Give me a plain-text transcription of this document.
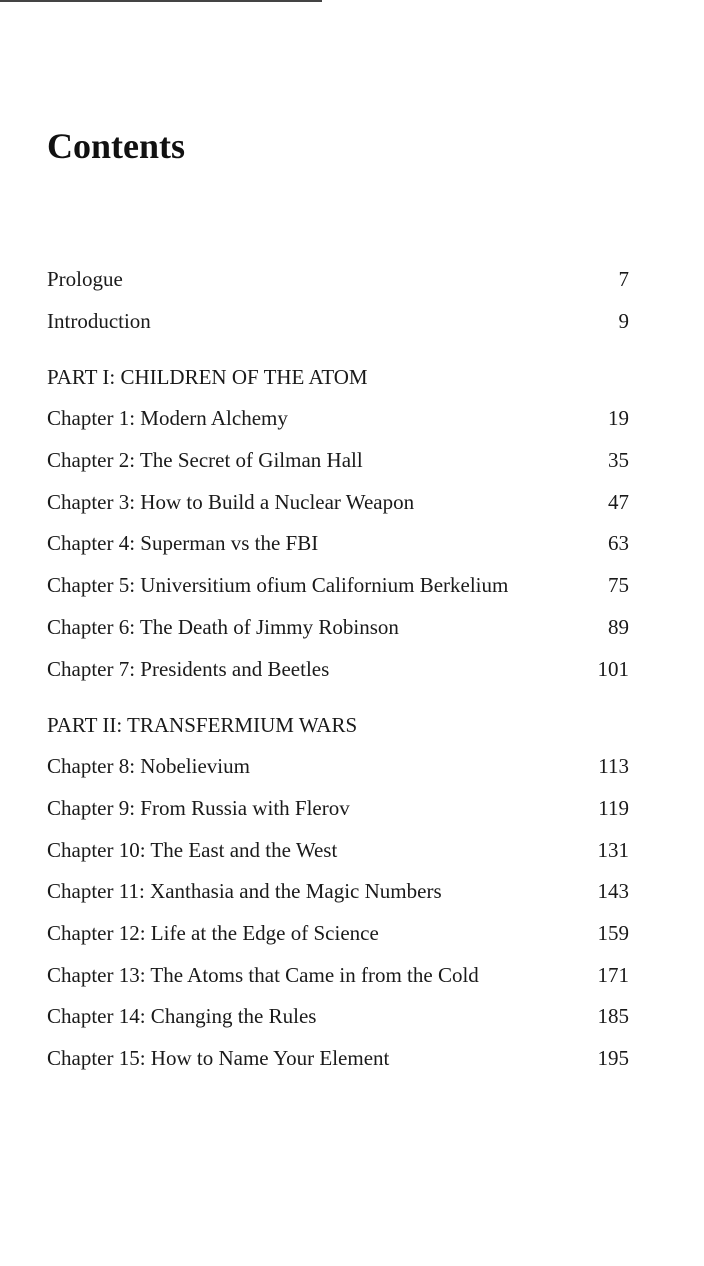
Contents
Prologue	7
Introduction	9
PART I: CHILDREN OF THE ATOM
Chapter 1: Modern Alchemy	19
Chapter 2: The Secret of Gilman Hall	35
Chapter 3: How to Build a Nuclear Weapon	47
Chapter 4: Superman vs the FBI	63
Chapter 5: Universitium ofium Californium Berkelium	75
Chapter 6: The Death of Jimmy Robinson	89
Chapter 7: Presidents and Beetles	101
PART II: TRANSFERMIUM WARS
Chapter 8: Nobelievium	113
Chapter 9: From Russia with Flerov	119
Chapter 10: The East and the West	131
Chapter 11: Xanthasia and the Magic Numbers	143
Chapter 12: Life at the Edge of Science	159
Chapter 13: The Atoms that Came in from the Cold	171
Chapter 14: Changing the Rules	185
Chapter 15: How to Name Your Element	195
